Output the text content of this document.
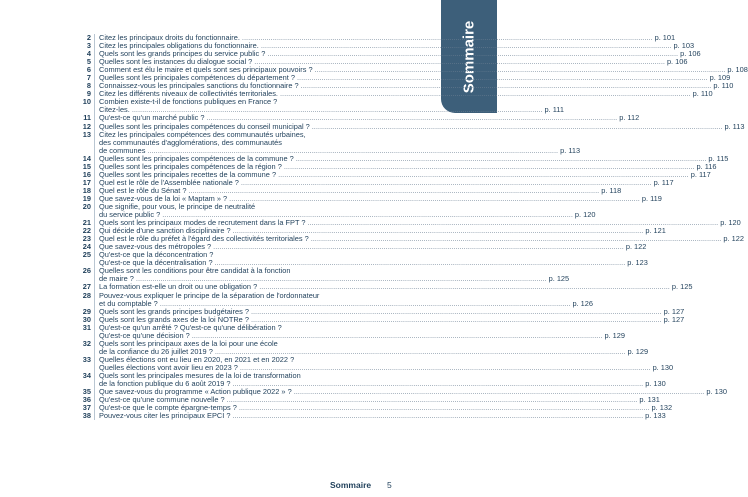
Sommaire
2	Citez les principaux droits du fonctionnaire. ........................................................................................................................................................................................................ p. 101
3	Citez les principales obligations du fonctionnaire. ........................................................................................................................................................................................................ p. 103
4	Quels sont les grands principes du service public ? ........................................................................................................................................................................................................ p. 106
5	Quelles sont les instances du dialogue social ? ........................................................................................................................................................................................................ p. 106
6	Comment est élu le maire et quels sont ses principaux pouvoirs ? ........................................................................................................................................................................................................ p. 108
7	Quelles sont les principales compétences du département ? ........................................................................................................................................................................................................ p. 109
8	Connaissez-vous les principales sanctions du fonctionnaire ? ........................................................................................................................................................................................................ p. 110
9	Citez les différents niveaux de collectivités territoriales. ........................................................................................................................................................................................................ p. 110
10	Combien existe-t-il de fonctions publiques en France ?
Citez-les. ........................................................................................................................................................................................................ p. 111
11	Qu'est-ce qu'un marché public ? ........................................................................................................................................................................................................ p. 112
12	Quelles sont les principales compétences du conseil municipal ? ........................................................................................................................................................................................................ p. 113
13	Citez les principales compétences des communautés urbaines,
des communautés d'agglomérations, des communautés
de communes ........................................................................................................................................................................................................ p. 113
14	Quelles sont les principales compétences de la commune ? ........................................................................................................................................................................................................ p. 115
15	Quelles sont les principales compétences de la région ? ........................................................................................................................................................................................................ p. 116
16	Quelles sont les principales recettes de la commune ? ........................................................................................................................................................................................................ p. 117
17	Quel est le rôle de l'Assemblée nationale ? ........................................................................................................................................................................................................ p. 117
18	Quel est le rôle du Sénat ? ........................................................................................................................................................................................................ p. 118
19	Que savez-vous de la loi « Maptam » ? ........................................................................................................................................................................................................ p. 119
20	Que signifie, pour vous, le principe de neutralité
du service public ? ........................................................................................................................................................................................................ p. 120
21	Quels sont les principaux modes de recrutement dans la FPT ? ........................................................................................................................................................................................................ p. 120
22	Qui décide d'une sanction disciplinaire ? ........................................................................................................................................................................................................ p. 121
23	Quel est le rôle du préfet à l'égard des collectivités territoriales ? ........................................................................................................................................................................................................ p. 122
24	Que savez-vous des métropoles ? ........................................................................................................................................................................................................ p. 122
25	Qu'est-ce que la déconcentration ?
Qu'est-ce que la décentralisation ? ........................................................................................................................................................................................................ p. 123
26	Quelles sont les conditions pour être candidat à la fonction
de maire ? ........................................................................................................................................................................................................ p. 125
27	La formation est-elle un droit ou une obligation ? ........................................................................................................................................................................................................ p. 125
28	Pouvez-vous expliquer le principe de la séparation de l'ordonnateur
et du comptable ? ........................................................................................................................................................................................................ p. 126
29	Quels sont les grands principes budgétaires ? ........................................................................................................................................................................................................ p. 127
30	Quels sont les grands axes de la loi NOTRe ? ........................................................................................................................................................................................................ p. 127
31	Qu'est-ce qu'un arrêté ? Qu'est-ce qu'une délibération ?
Qu'est-ce qu'une décision ? ........................................................................................................................................................................................................ p. 129
32	Quels sont les principaux axes de la loi pour une école
de la confiance du 26 juillet 2019 ? ........................................................................................................................................................................................................ p. 129
33	Quelles élections ont eu lieu en 2020, en 2021 et en 2022 ?
Quelles élections vont avoir lieu en 2023 ? ........................................................................................................................................................................................................ p. 130
34	Quels sont les principales mesures de la loi de transformation
de la fonction publique du 6 août 2019 ? ........................................................................................................................................................................................................ p. 130
35	Que savez-vous du programme « Action publique 2022 » ? ........................................................................................................................................................................................................ p. 130
36	Qu'est-ce qu'une commune nouvelle ? ........................................................................................................................................................................................................ p. 131
37	Qu'est-ce que le compte épargne-temps ? ........................................................................................................................................................................................................ p. 132
38	Pouvez-vous citer les principaux EPCI ? ........................................................................................................................................................................................................ p. 133
Sommaire 5
